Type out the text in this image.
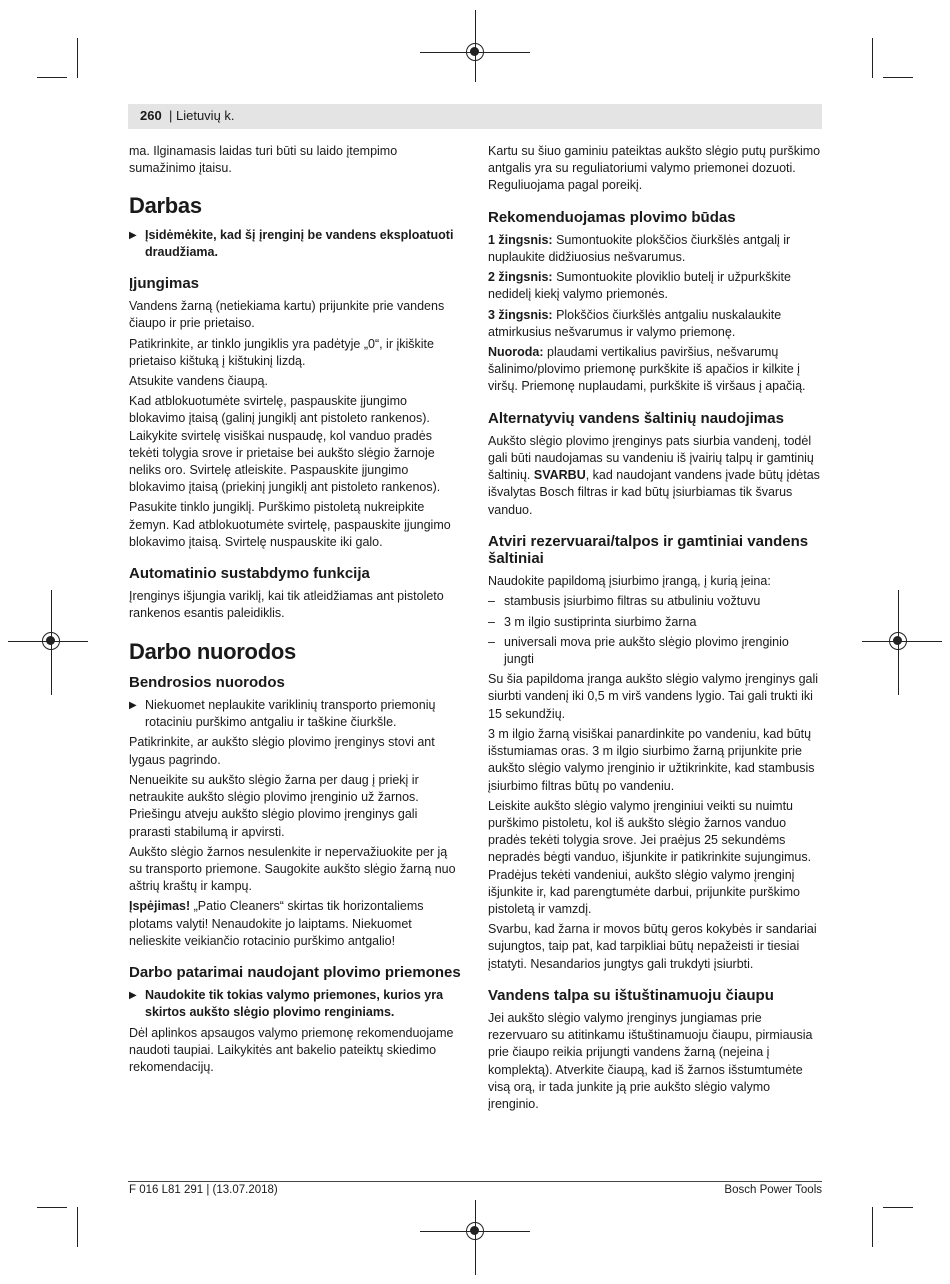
260 | Lietuvių k.

ma. Ilginamasis laidas turi būti su laido įtempimo sumažinimo įtaisu.

Darbas

▶ Įsidėmėkite, kad šį įrenginį be vandens eksploatuoti draudžiama.

Įjungimas

Vandens žarną (netiekiama kartu) prijunkite prie vandens čiaupo ir prie prietaiso.

Patikrinkite, ar tinklo jungiklis yra padėtyje „0“, ir įkiškite prietaiso kištuką į kištukinį lizdą.

Atsukite vandens čiaupą.

Kad atblokuotumėte svirtelę, paspauskite įjungimo blokavimo įtaisą (galinį jungiklį ant pistoleto rankenos). Laikykite svirtelę visiškai nuspaudę, kol vanduo pradės tekėti tolygia srove ir prietaise bei aukšto slėgio žarnoje neliks oro. Svirtelę atleiskite. Paspauskite įjungimo blokavimo įtaisą (priekinį jungiklį ant pistoleto rankenos).

Pasukite tinklo jungiklį. Purškimo pistoletą nukreipkite žemyn. Kad atblokuotumėte svirtelę, paspauskite įjungimo blokavimo įtaisą. Svirtelę nuspauskite iki galo.

Automatinio sustabdymo funkcija

Įrenginys išjungia variklį, kai tik atleidžiamas ant pistoleto rankenos esantis paleidiklis.

Darbo nuorodos
Bendrosios nuorodos

▶ Niekuomet neplaukite variklinių transporto priemonių rotaciniu purškimo antgaliu ir taškine čiurkšle.

Patikrinkite, ar aukšto slėgio plovimo įrenginys stovi ant lygaus pagrindo.

Nenueikite su aukšto slėgio žarna per daug į priekį ir netraukite aukšto slėgio plovimo įrenginio už žarnos. Priešingu atveju aukšto slėgio plovimo įrenginys gali prarasti stabilumą ir apvirsti.

Aukšto slėgio žarnos nesulenkite ir nepervažiuokite per ją su transporto priemone. Saugokite aukšto slėgio žarną nuo aštrių kraštų ir kampų.

Įspėjimas! „Patio Cleaners“ skirtas tik horizontaliems plotams valyti! Nenaudokite jo laiptams. Niekuomet nelieskite veikiančio rotacinio purškimo antgalio!

Darbo patarimai naudojant plovimo priemones

▶ Naudokite tik tokias valymo priemones, kurios yra skirtos aukšto slėgio plovimo renginiams.

Dėl aplinkos apsaugos valymo priemonę rekomenduojame naudoti taupiai. Laikykitės ant bakelio pateiktų skiedimo rekomendacijų.

Kartu su šiuo gaminiu pateiktas aukšto slėgio putų purškimo antgalis yra su reguliatoriumi valymo priemonei dozuoti. Reguliuojama pagal poreikį.

Rekomenduojamas plovimo būdas

1 žingsnis: Sumontuokite plokščios čiurkšlės antgalį ir nuplaukite didžiuosius nešvarumus.

2 žingsnis: Sumontuokite ploviklio butelį ir užpurkškite nedidelį kiekį valymo priemonės.

3 žingsnis: Plokščios čiurkšlės antgaliu nuskalaukite atmirkusius nešvarumus ir valymo priemonę.

Nuoroda: plaudami vertikalius paviršius, nešvarumų šalinimo/plovimo priemonę purkškite iš apačios ir kilkite į viršų. Priemonę nuplaudami, purkškite iš viršaus į apačią.

Alternatyvių vandens šaltinių naudojimas

Aukšto slėgio plovimo įrenginys pats siurbia vandenį, todėl gali būti naudojamas su vandeniu iš įvairių talpų ir gamtinių šaltinių. SVARBU, kad naudojant vandens įvade būtų įdėtas išvalytas Bosch filtras ir kad būtų įsiurbiamas tik švarus vanduo.

Atviri rezervuarai/talpos ir gamtiniai vandens šaltiniai

Naudokite papildomą įsiurbimo įrangą, į kurią įeina:

– stambusis įsiurbimo filtras su atbuliniu vožtuvu

– 3 m ilgio sustiprinta siurbimo žarna

– universali mova prie aukšto slėgio plovimo įrenginio jungti

Su šia papildoma įranga aukšto slėgio valymo įrenginys gali siurbti vandenį iki 0,5 m virš vandens lygio. Tai gali trukti iki 15 sekundžių.

3 m ilgio žarną visiškai panardinkite po vandeniu, kad būtų išstumiamas oras. 3 m ilgio siurbimo žarną prijunkite prie aukšto slėgio valymo įrenginio ir užtikrinkite, kad stambusis įsiurbimo filtras būtų po vandeniu.

Leiskite aukšto slėgio valymo įrenginiui veikti su nuimtu purškimo pistoletu, kol iš aukšto slėgio žarnos vanduo pradės tekėti tolygia srove. Jei praėjus 25 sekundėms nepradės bėgti vanduo, išjunkite ir patikrinkite sujungimus. Pradėjus tekėti vandeniui, aukšto slėgio valymo įrenginį išjunkite ir, kad parengtumėte darbui, prijunkite purškimo pistoletą ir vamzdį.

Svarbu, kad žarna ir movos būtų geros kokybės ir sandariai sujungtos, taip pat, kad tarpikliai būtų nepažeisti ir tiesiai įstatyti. Nesandarios jungtys gali trukdyti įsiurbti.

Vandens talpa su ištuštinamuoju čiaupu

Jei aukšto slėgio valymo įrenginys jungiamas prie rezervuaro su atitinkamu ištuštinamuoju čiaupu, pirmiausia prie čiaupo reikia prijungti vandens žarną (nejeina į komplektą). Atverkite čiaupą, kad iš žarnos išstumtumėte visą orą, ir tada junkite ją prie aukšto slėgio valymo įrenginio.

F 016 L81 291 | (13.07.2018)	Bosch Power Tools
